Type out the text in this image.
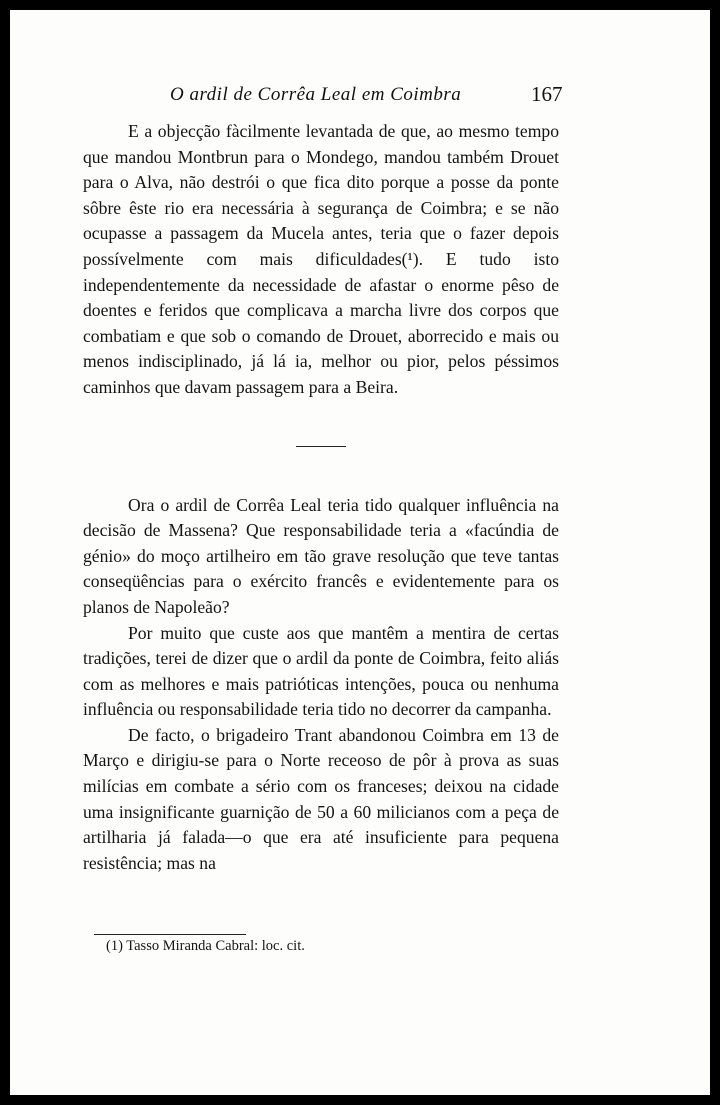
O ardil de Corrêa Leal em Coimbra	167

E a objecção fàcilmente levantada de que, ao mesmo tempo que mandou Montbrun para o Mondego, mandou também Drouet para o Alva, não destrói o que fica dito porque a posse da ponte sôbre êste rio era necessária à segurança de Coimbra; e se não ocupasse a passagem da Mucela antes, teria que o fazer depois possívelmente com mais dificuldades(¹). E tudo isto independentemente da necessidade de afastar o enorme pêso de doentes e feridos que complicava a marcha livre dos corpos que combatiam e que sob o comando de Drouet, aborrecido e mais ou menos indisciplinado, já lá ia, melhor ou pior, pelos péssimos caminhos que davam passagem para a Beira.

Ora o ardil de Corrêa Leal teria tido qualquer influência na decisão de Massena? Que responsabilidade teria a «facúndia de génio» do moço artilheiro em tão grave resolução que teve tantas conseqüências para o exército francês e evidentemente para os planos de Napoleão?

Por muito que custe aos que mantêm a mentira de certas tradições, terei de dizer que o ardil da ponte de Coimbra, feito aliás com as melhores e mais patrióticas intenções, pouca ou nenhuma influência ou responsabilidade teria tido no decorrer da campanha.

De facto, o brigadeiro Trant abandonou Coimbra em 13 de Março e dirigiu-se para o Norte receoso de pôr à prova as suas milícias em combate a sério com os franceses; deixou na cidade uma insignificante guarnição de 50 a 60 milicianos com a peça de artilharia já falada—o que era até insuficiente para pequena resistência; mas na

(1) Tasso Miranda Cabral: loc. cit.
